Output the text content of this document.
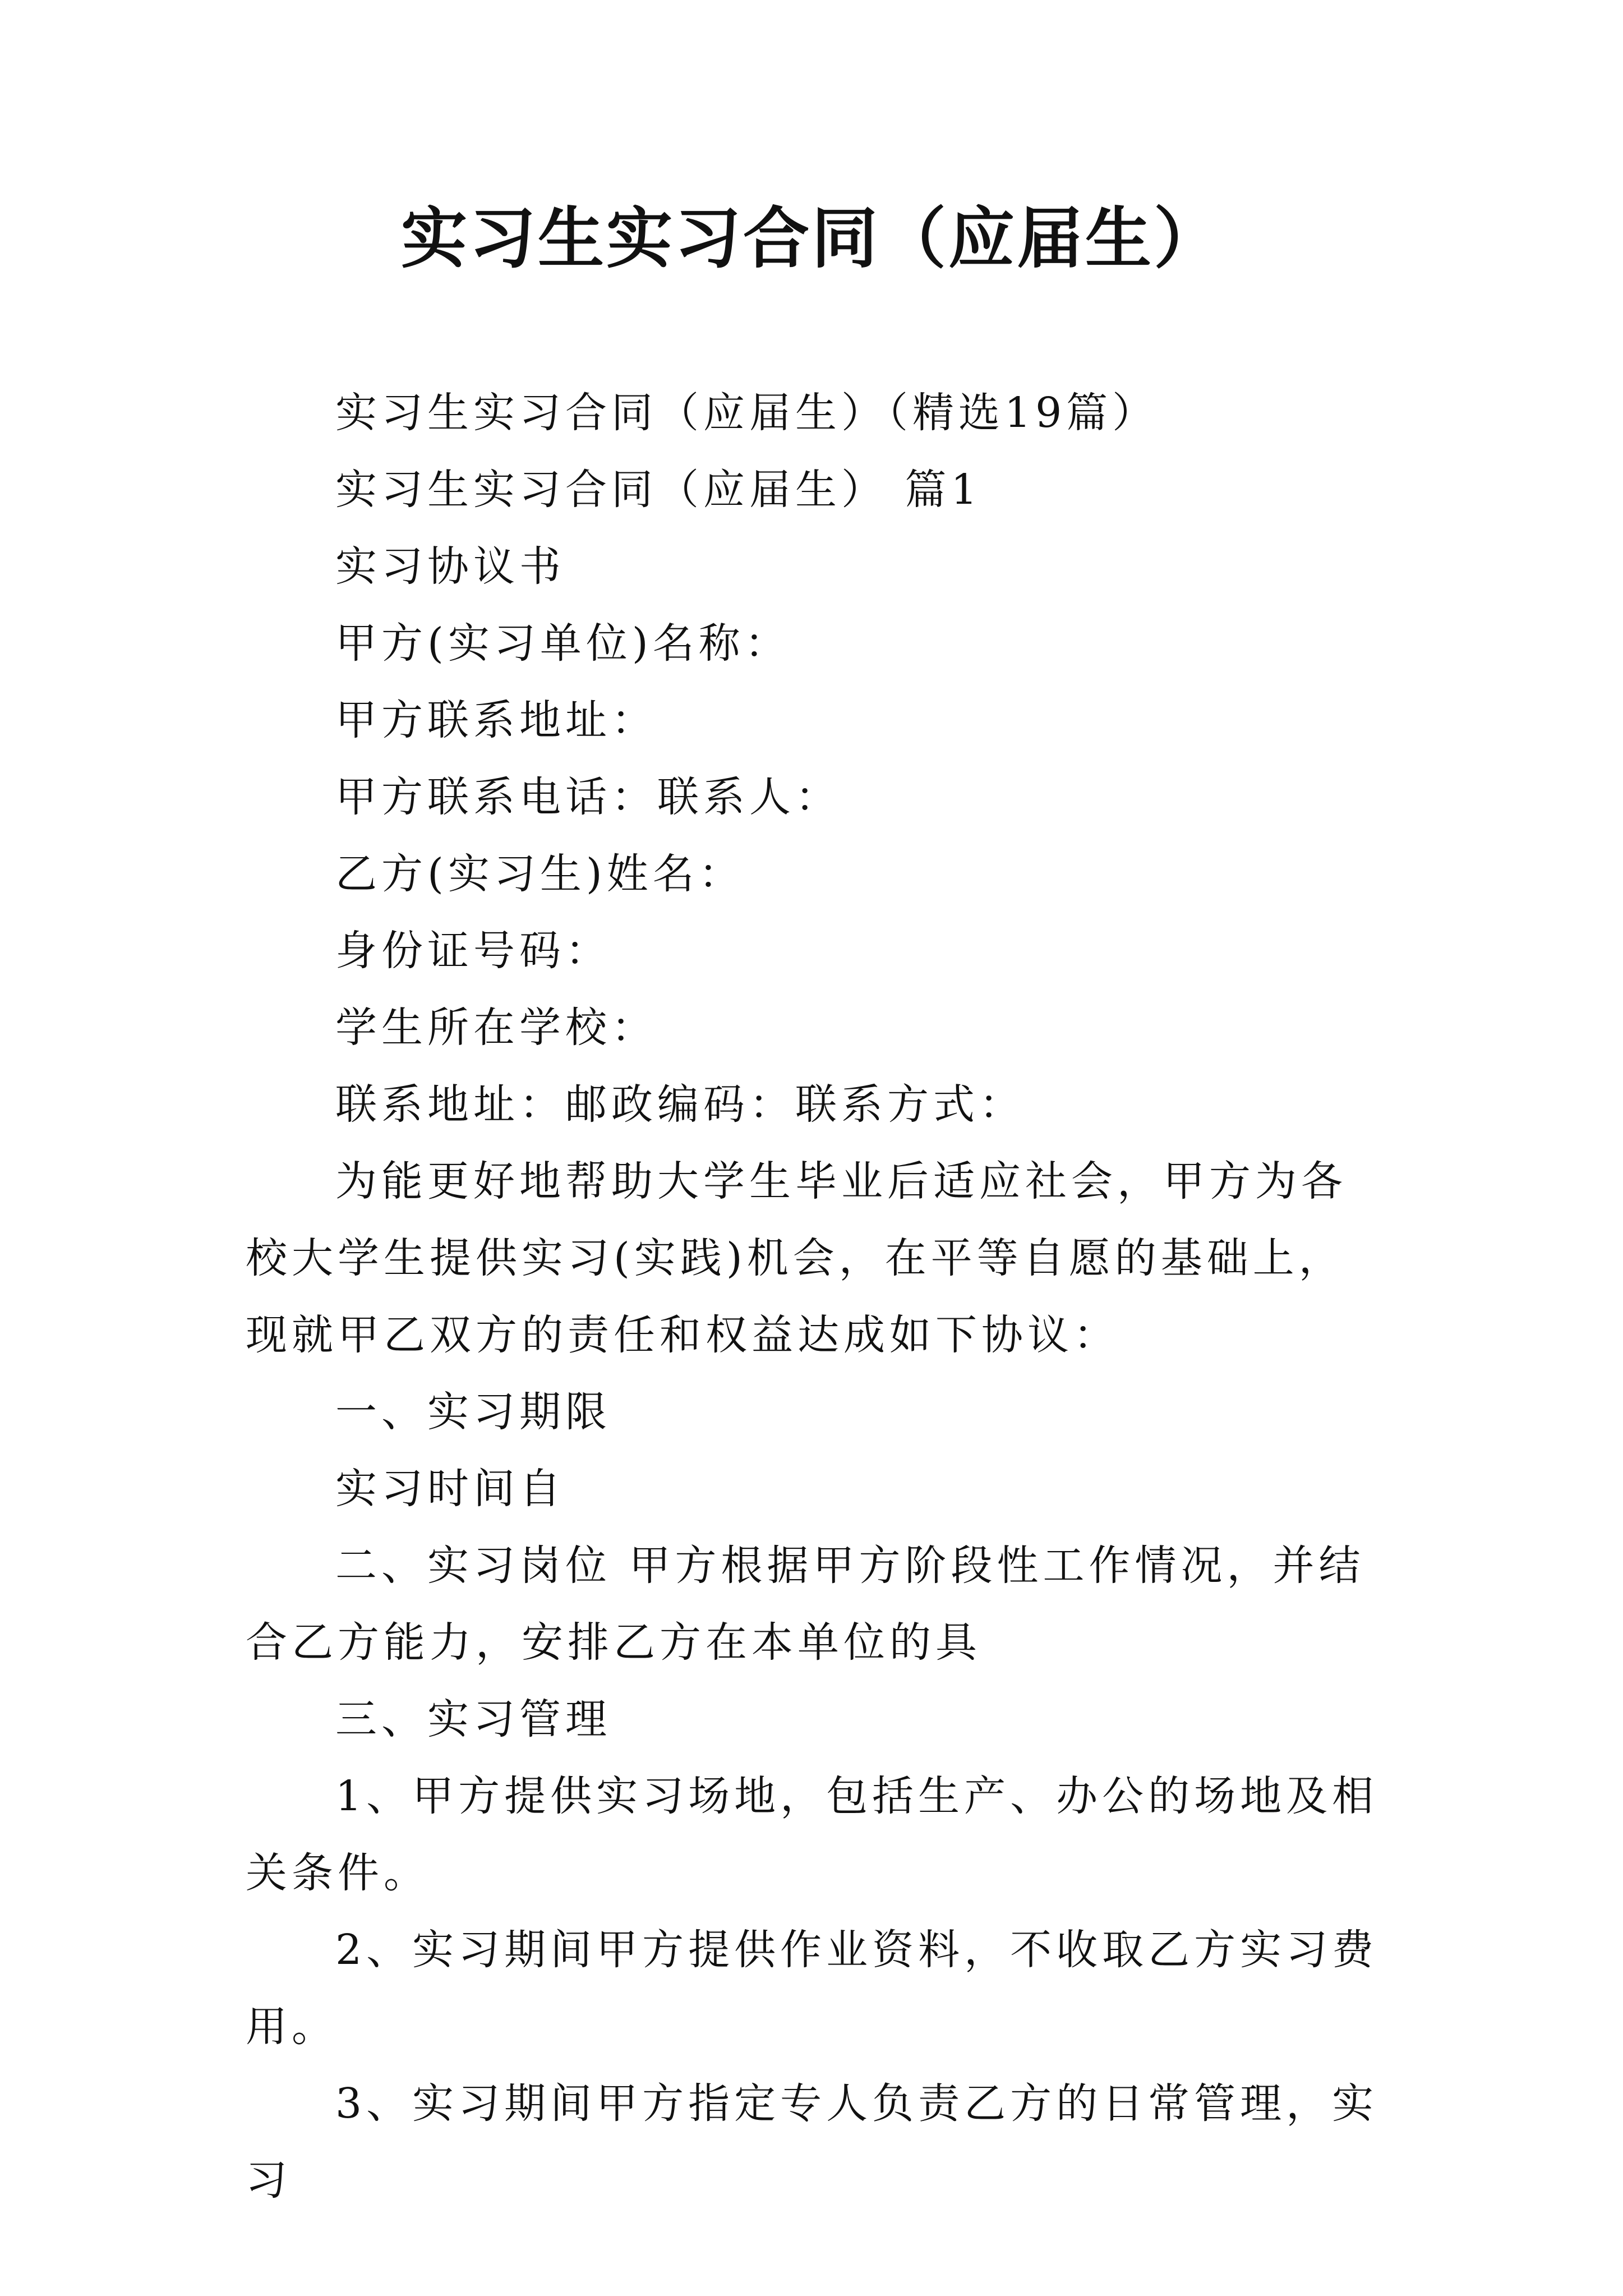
实习生实习合同（应届生）

实习生实习合同（应届生）（精选19篇）

实习生实习合同（应届生） 篇1

实习协议书

甲方(实习单位)名称：

甲方联系地址：

甲方联系电话：联系人：

乙方(实习生)姓名：

身份证号码：

学生所在学校：

联系地址：邮政编码：联系方式：

为能更好地帮助大学生毕业后适应社会，甲方为各校大学生提供实习(实践)机会，在平等自愿的基础上，现就甲乙双方的责任和权益达成如下协议：

一、实习期限

实习时间自

二、实习岗位 甲方根据甲方阶段性工作情况，并结合乙方能力，安排乙方在本单位的具

三、实习管理

1、甲方提供实习场地，包括生产、办公的场地及相关条件。

2、实习期间甲方提供作业资料，不收取乙方实习费用。

3、实习期间甲方指定专人负责乙方的日常管理，实习
